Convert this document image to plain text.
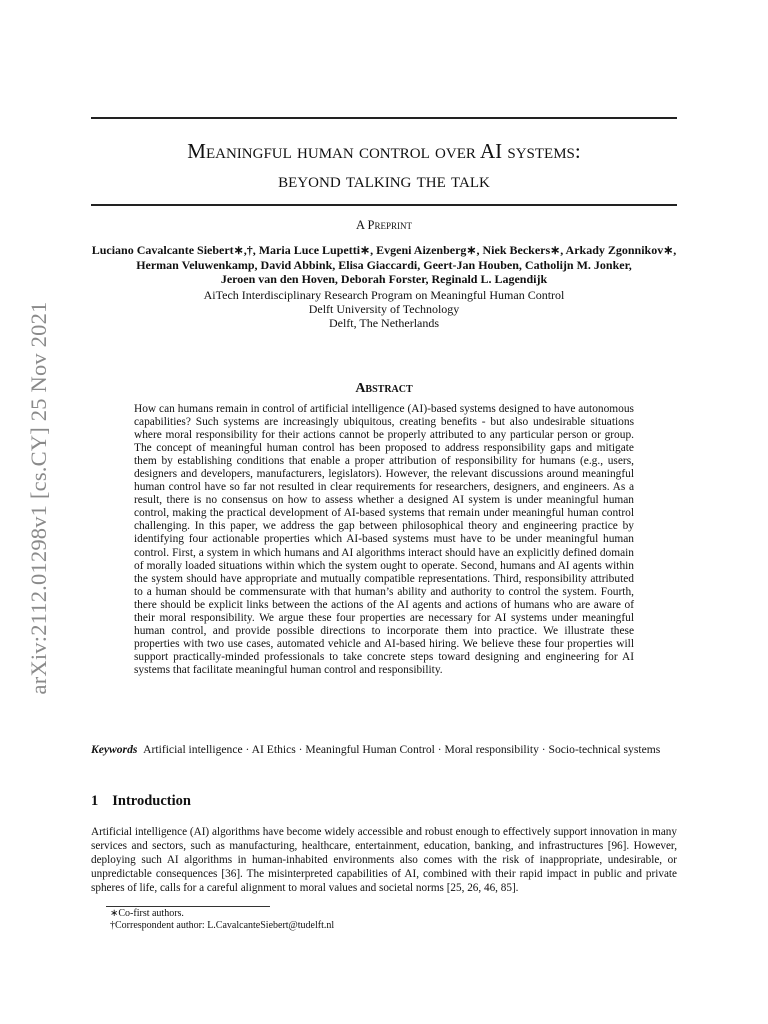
arXiv:2112.01298v1 [cs.CY] 25 Nov 2021
Meaningful human control over AI systems:
beyond talking the talk
A Preprint
Luciano Cavalcante Siebert∗,†, Maria Luce Lupetti∗, Evgeni Aizenberg∗, Niek Beckers∗, Arkady Zgonnikov∗,
Herman Veluwenkamp, David Abbink, Elisa Giaccardi, Geert-Jan Houben, Catholijn M. Jonker,
Jeroen van den Hoven, Deborah Forster, Reginald L. Lagendijk
AiTech Interdisciplinary Research Program on Meaningful Human Control
Delft University of Technology
Delft, The Netherlands
Abstract

How can humans remain in control of artificial intelligence (AI)-based systems designed to have autonomous capabilities? Such systems are increasingly ubiquitous, creating benefits - but also undesirable situations where moral responsibility for their actions cannot be properly attributed to any particular person or group. The concept of meaningful human control has been proposed to address responsibility gaps and mitigate them by establishing conditions that enable a proper attribution of responsibility for humans (e.g., users, designers and developers, manufacturers, legislators). However, the relevant discussions around meaningful human control have so far not resulted in clear requirements for researchers, designers, and engineers. As a result, there is no consensus on how to assess whether a designed AI system is under meaningful human control, making the practical development of AI-based systems that remain under meaningful human control challenging. In this paper, we address the gap between philosophical theory and engineering practice by identifying four actionable properties which AI-based systems must have to be under meaningful human control. First, a system in which humans and AI algorithms interact should have an explicitly defined domain of morally loaded situations within which the system ought to operate. Second, humans and AI agents within the system should have appropriate and mutually compatible representations. Third, responsibility attributed to a human should be commensurate with that human’s ability and authority to control the system. Fourth, there should be explicit links between the actions of the AI agents and actions of humans who are aware of their moral responsibility. We argue these four properties are necessary for AI systems under meaningful human control, and provide possible directions to incorporate them into practice. We illustrate these properties with two use cases, automated vehicle and AI-based hiring. We believe these four properties will support practically-minded professionals to take concrete steps toward designing and engineering for AI systems that facilitate meaningful human control and responsibility.

Keywords Artificial intelligence · AI Ethics · Meaningful Human Control · Moral responsibility · Socio-technical systems

1 Introduction

Artificial intelligence (AI) algorithms have become widely accessible and robust enough to effectively support innovation in many services and sectors, such as manufacturing, healthcare, entertainment, education, banking, and infrastructures [96]. However, deploying such AI algorithms in human-inhabited environments also comes with the risk of inappropriate, undesirable, or unpredictable consequences [36]. The misinterpreted capabilities of AI, combined with their rapid impact in public and private spheres of life, calls for a careful alignment to moral values and societal norms [25, 26, 46, 85].

∗Co-first authors.

†Correspondent author: L.CavalcanteSiebert@tudelft.nl
